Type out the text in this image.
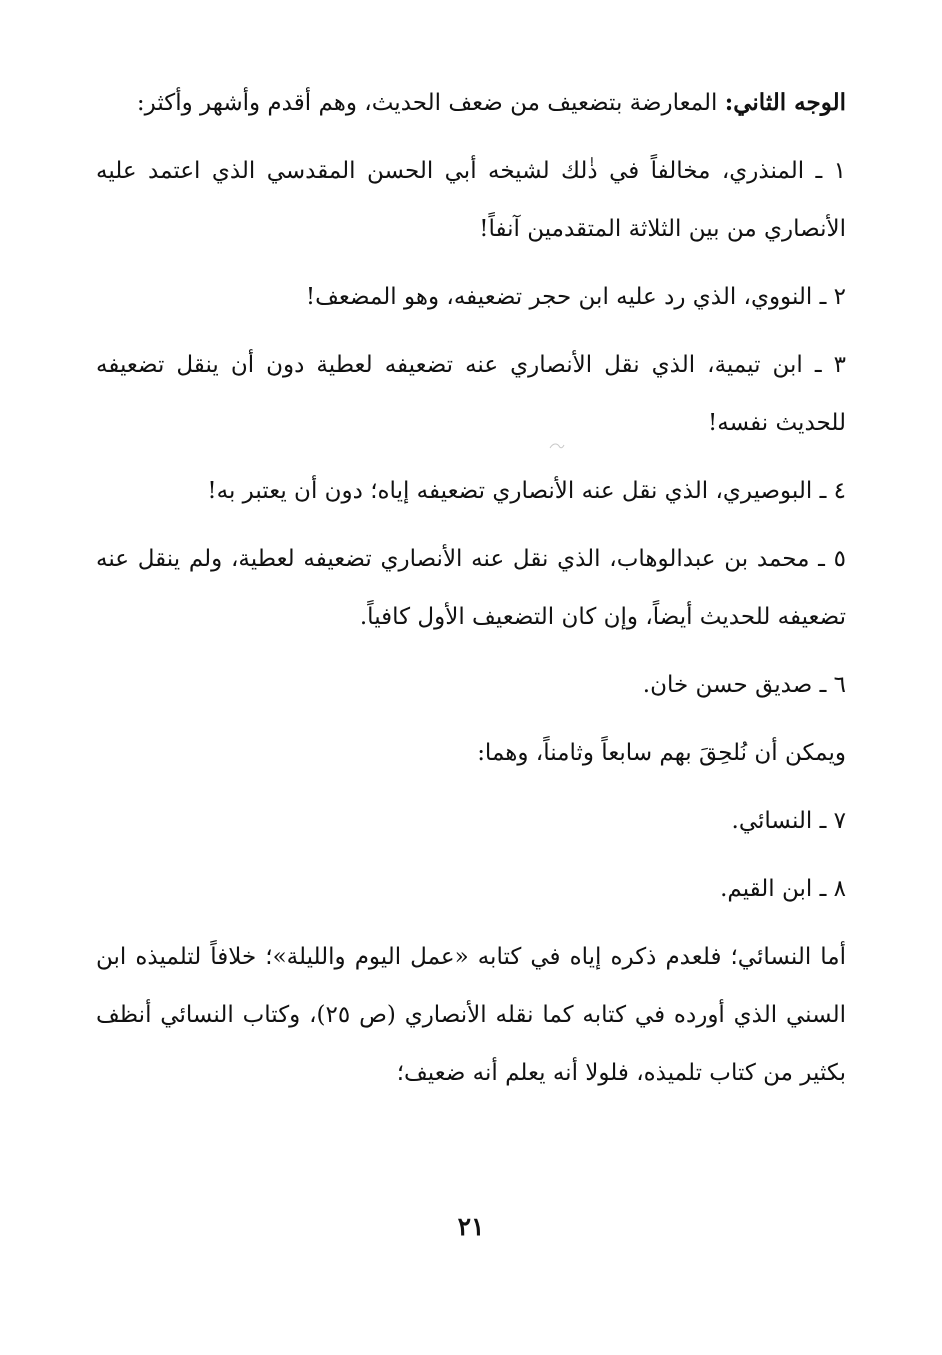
الوجه الثاني: المعارضة بتضعيف من ضعف الحديث، وهم أقدم وأشهر وأكثر:

١ ـ المنذري، مخالفاً في ذٰلك لشيخه أبي الحسن المقدسي الذي اعتمد عليه الأنصاري من بين الثلاثة المتقدمين آنفاً!

٢ ـ النووي، الذي رد عليه ابن حجر تضعيفه، وهو المضعف!

٣ ـ ابن تيمية، الذي نقل الأنصاري عنه تضعيفه لعطية دون أن ينقل تضعيفه للحديث نفسه!

٤ ـ البوصيري، الذي نقل عنه الأنصاري تضعيفه إياه؛ دون أن يعتبر به!

٥ ـ محمد بن عبدالوهاب، الذي نقل عنه الأنصاري تضعيفه لعطية، ولم ينقل عنه تضعيفه للحديث أيضاً، وإن كان التضعيف الأول كافياً.

٦ ـ صديق حسن خان.

ويمكن أن نُلحِقَ بهم سابعاً وثامناً، وهما:

٧ ـ النسائي.

٨ ـ ابن القيم.

أما النسائي؛ فلعدم ذكره إياه في كتابه «عمل اليوم والليلة»؛ خلافاً لتلميذه ابن السني الذي أورده في كتابه كما نقله الأنصاري (ص ٢٥)، وكتاب النسائي أنظف بكثير من كتاب تلميذه، فلولا أنه يعلم أنه ضعيف؛

٢١
